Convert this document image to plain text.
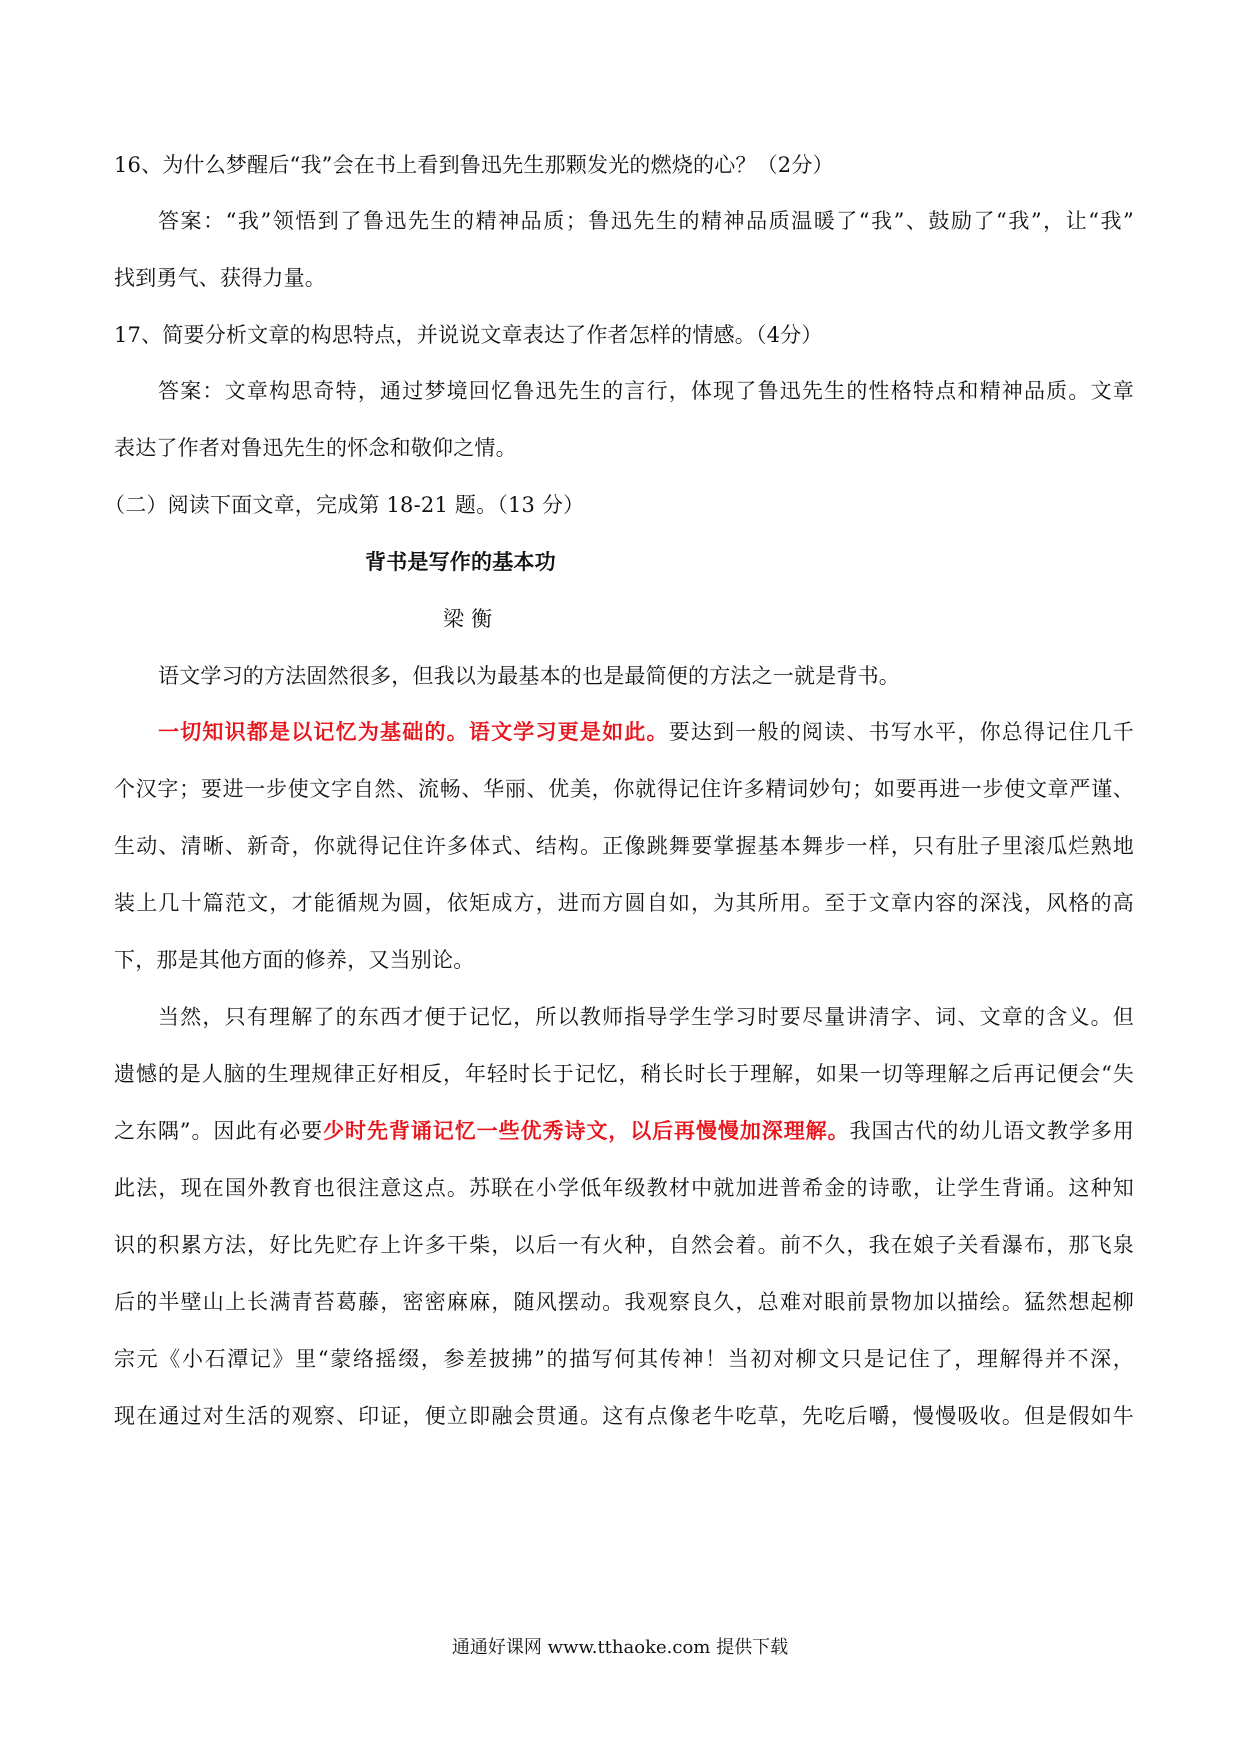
16、为什么梦醒后“我”会在书上看到鲁迅先生那颗发光的燃烧的心？（2分）
答案：“我”领悟到了鲁迅先生的精神品质；鲁迅先生的精神品质温暖了“我”、鼓励了“我”，让“我”
找到勇气、获得力量。
17、简要分析文章的构思特点，并说说文章表达了作者怎样的情感。（4分）
答案：文章构思奇特，通过梦境回忆鲁迅先生的言行，体现了鲁迅先生的性格特点和精神品质。文章
表达了作者对鲁迅先生的怀念和敬仰之情。
（二）阅读下面文章，完成第 18-21 题。（13 分）
背书是写作的基本功
梁 衡
语文学习的方法固然很多，但我以为最基本的也是最简便的方法之一就是背书。
一切知识都是以记忆为基础的。语文学习更是如此。要达到一般的阅读、书写水平，你总得记住几千
个汉字；要进一步使文字自然、流畅、华丽、优美，你就得记住许多精词妙句；如要再进一步使文章严谨、
生动、清晰、新奇，你就得记住许多体式、结构。正像跳舞要掌握基本舞步一样，只有肚子里滚瓜烂熟地
装上几十篇范文，才能循规为圆，依矩成方，进而方圆自如，为其所用。至于文章内容的深浅，风格的高
下，那是其他方面的修养，又当别论。
当然，只有理解了的东西才便于记忆，所以教师指导学生学习时要尽量讲清字、词、文章的含义。但
遗憾的是人脑的生理规律正好相反，年轻时长于记忆，稍长时长于理解，如果一切等理解之后再记便会“失
之东隅”。因此有必要少时先背诵记忆一些优秀诗文，以后再慢慢加深理解。我国古代的幼儿语文教学多用
此法，现在国外教育也很注意这点。苏联在小学低年级教材中就加进普希金的诗歌，让学生背诵。这种知
识的积累方法，好比先贮存上许多干柴，以后一有火种，自然会着。前不久，我在娘子关看瀑布，那飞泉
后的半壁山上长满青苔葛藤，密密麻麻，随风摆动。我观察良久，总难对眼前景物加以描绘。猛然想起柳
宗元《小石潭记》里“蒙络摇缀，参差披拂”的描写何其传神！当初对柳文只是记住了，理解得并不深，
现在通过对生活的观察、印证，便立即融会贯通。这有点像老牛吃草，先吃后嚼，慢慢吸收。但是假如牛
通通好课网 www.tthaoke.com 提供下载
